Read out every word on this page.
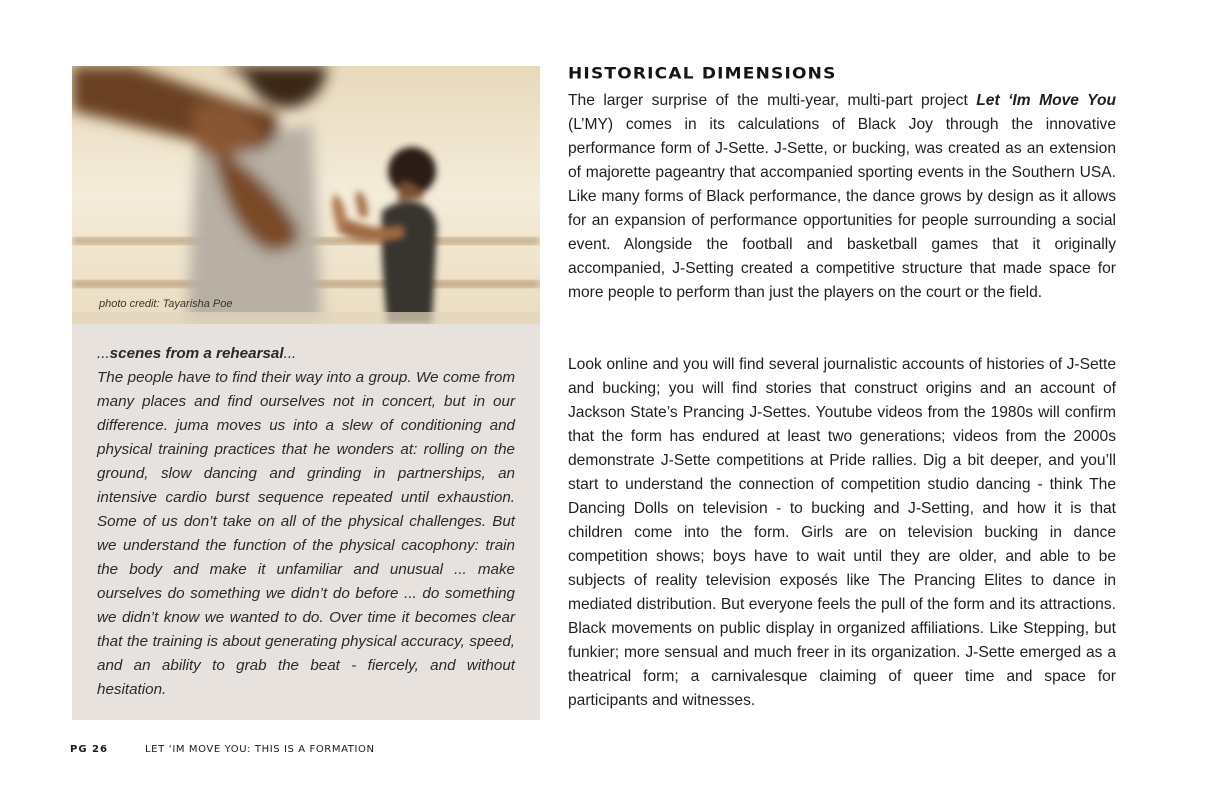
photo credit: Tayarisha Poe
...scenes from a rehearsal...
The people have to find their way into a group. We come from many places and find ourselves not in concert, but in our difference. juma moves us into a slew of conditioning and physical training practices that he wonders at: rolling on the ground, slow dancing and grinding in partnerships, an intensive cardio burst sequence repeated until exhaustion. Some of us don’t take on all of the physical challenges. But we understand the function of the physical cacophony: train the body and make it unfamiliar and unusual ... make ourselves do something we didn’t do before ... do something we didn’t know we wanted to do. Over time it becomes clear that the training is about generating physical accuracy, speed, and an ability to grab the beat - fiercely, and without hesitation.
HISTORICAL DIMENSIONS
The larger surprise of the multi-year, multi-part project Let ‘Im Move You (L’MY) comes in its calculations of Black Joy through the innovative performance form of J-Sette. J-Sette, or bucking, was created as an extension of majorette pageantry that accompanied sporting events in the Southern USA. Like many forms of Black performance, the dance grows by design as it allows for an expansion of performance opportunities for people surrounding a social event. Alongside the football and basketball games that it originally accompanied, J-Setting created a competitive structure that made space for more people to perform than just the players on the court or the field.
Look online and you will find several journalistic accounts of histories of J-Sette and bucking; you will find stories that construct origins and an account of Jackson State’s Prancing J-Settes. Youtube videos from the 1980s will confirm that the form has endured at least two generations; videos from the 2000s demonstrate J-Sette competitions at Pride rallies. Dig a bit deeper, and you’ll start to understand the connection of competition studio dancing - think The Dancing Dolls on television - to bucking and J-Setting, and how it is that children come into the form. Girls are on television bucking in dance competition shows; boys have to wait until they are older, and able to be subjects of reality television exposés like The Prancing Elites to dance in mediated distribution. But everyone feels the pull of the form and its attractions. Black movements on public display in organized affiliations. Like Stepping, but funkier; more sensual and much freer in its organization. J-Sette emerged as a theatrical form; a carnivalesque claiming of queer time and space for participants and witnesses.
PG 26	LET ‘IM MOVE YOU: THIS IS A FORMATION
